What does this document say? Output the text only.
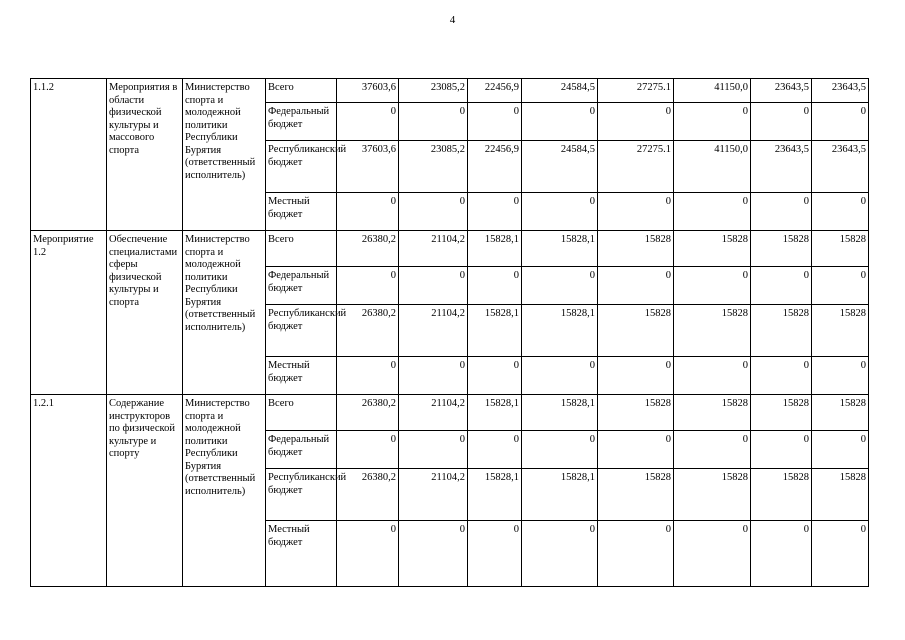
4
1.1.2	Мероприятия в области физической культуры и массового спорта	Министерство спорта и молодежной политики Республики Бурятия (ответственный исполнитель)	Всего	37603,6	23085,2	22456,9	24584,5	27275.1	41150,0	23643,5	23643,5
			Федеральный бюджет	0	0	0	0	0	0	0	0
			Республиканский бюджет	37603,6	23085,2	22456,9	24584,5	27275.1	41150,0	23643,5	23643,5
			Местный бюджет	0	0	0	0	0	0	0	0
Мероприятие 1.2	Обеспечение специалистами сферы физической культуры и спорта	Министерство спорта и молодежной политики Республики Бурятия (ответственный исполнитель)	Всего	26380,2	21104,2	15828,1	15828,1	15828	15828	15828	15828
			Федеральный бюджет	0	0	0	0	0	0	0	0
			Республиканский бюджет	26380,2	21104,2	15828,1	15828,1	15828	15828	15828	15828
			Местный бюджет	0	0	0	0	0	0	0	0
1.2.1	Содержание инструкторов по физической культуре и спорту	Министерство спорта и молодежной политики Республики Бурятия (ответственный исполнитель)	Всего	26380,2	21104,2	15828,1	15828,1	15828	15828	15828	15828
			Федеральный бюджет	0	0	0	0	0	0	0	0
			Республиканский бюджет	26380,2	21104,2	15828,1	15828,1	15828	15828	15828	15828
			Местный бюджет	0	0	0	0	0	0	0	0
